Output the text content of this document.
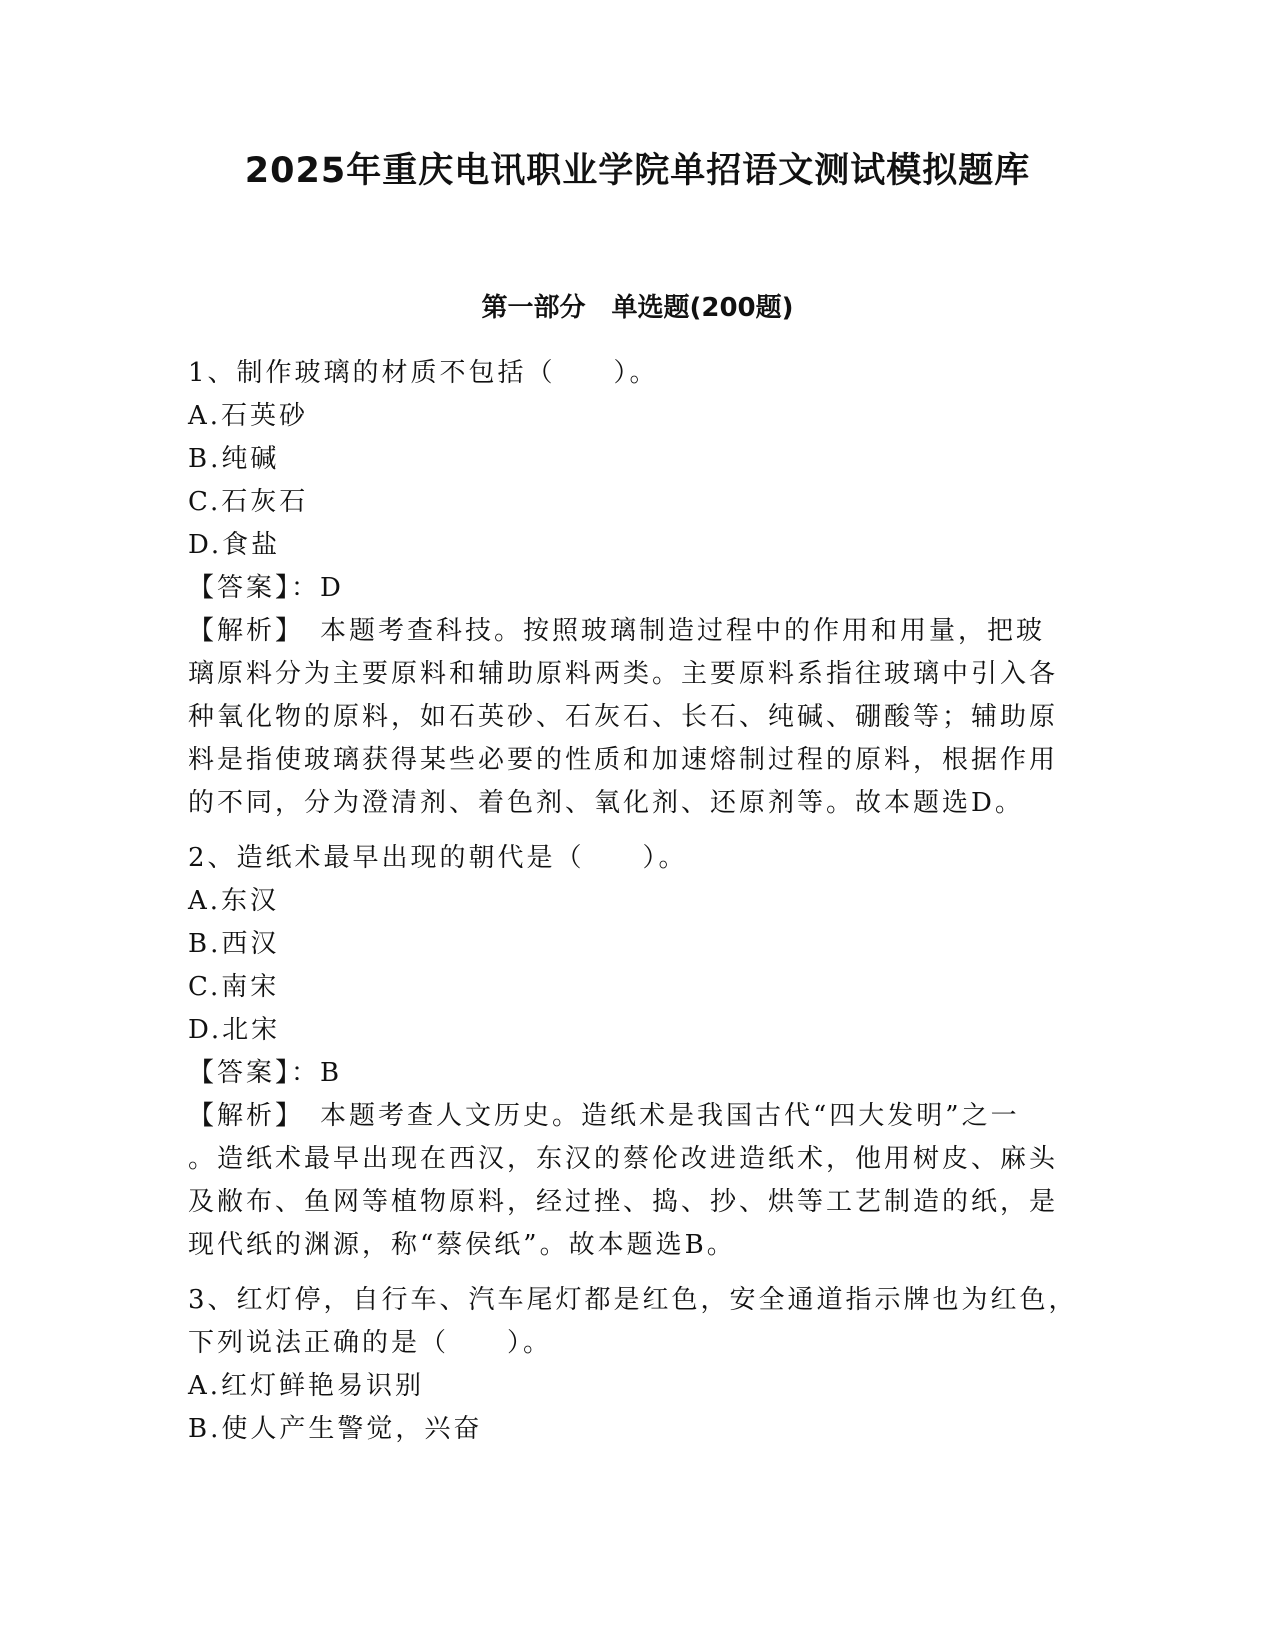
2025年重庆电讯职业学院单招语文测试模拟题库
第一部分　单选题(200题)
1、制作玻璃的材质不包括（　　）。
A.石英砂
B.纯碱
C.石灰石
D.食盐
【答案】：D
【解析】　本题考查科技。按照玻璃制造过程中的作用和用量，把玻
璃原料分为主要原料和辅助原料两类。主要原料系指往玻璃中引入各
种氧化物的原料，如石英砂、石灰石、长石、纯碱、硼酸等；辅助原
料是指使玻璃获得某些必要的性质和加速熔制过程的原料，根据作用
的不同，分为澄清剂、着色剂、氧化剂、还原剂等。故本题选D。
2、造纸术最早出现的朝代是（　　）。
A.东汉
B.西汉
C.南宋
D.北宋
【答案】：B
【解析】　本题考查人文历史。造纸术是我国古代“四大发明”之一
。造纸术最早出现在西汉，东汉的蔡伦改进造纸术，他用树皮、麻头
及敝布、鱼网等植物原料，经过挫、捣、抄、烘等工艺制造的纸，是
现代纸的渊源，称“蔡侯纸”。故本题选B。
3、红灯停，自行车、汽车尾灯都是红色，安全通道指示牌也为红色，
下列说法正确的是（　　）。
A.红灯鲜艳易识别
B.使人产生警觉，兴奋
